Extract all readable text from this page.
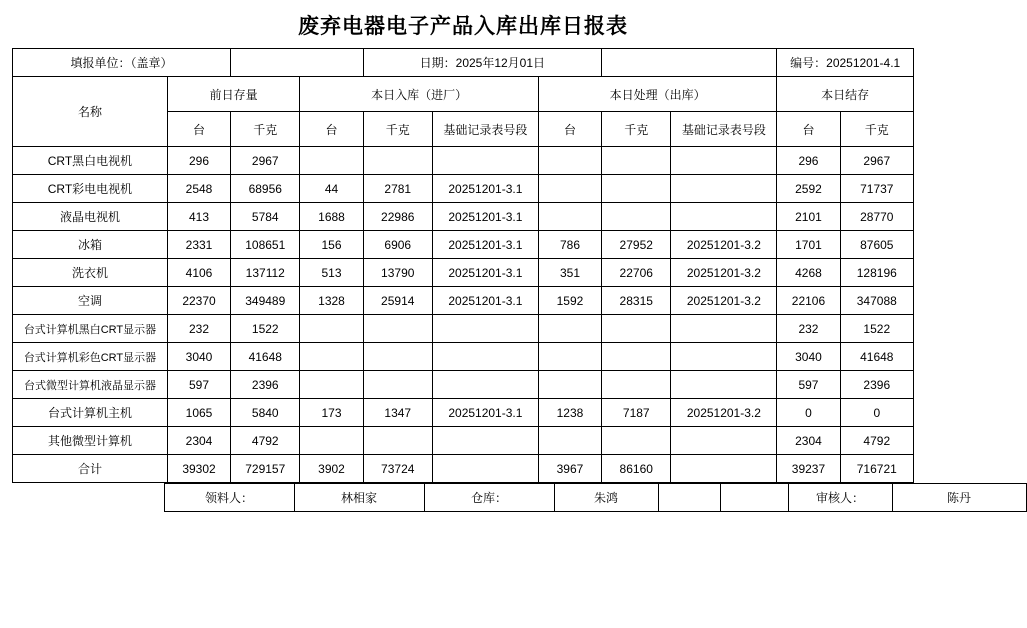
废弃电器电子产品入库出库日报表
填报单位：（盖章）				日期：2025年12月01日					编号：20251201-4.1	
名称	前日存量		本日入库（进厂）			本日处理（出库）			本日结存	
	台	千克	台	千克	基础记录表号段	台	千克	基础记录表号段	台	千克
CRT黑白电视机	296	2967							296	2967
CRT彩电电视机	2548	68956	44	2781	20251201-3.1				2592	71737
液晶电视机	413	5784	1688	22986	20251201-3.1				2101	28770
冰箱	2331	108651	156	6906	20251201-3.1	786	27952	20251201-3.2	1701	87605
洗衣机	4106	137112	513	13790	20251201-3.1	351	22706	20251201-3.2	4268	128196
空调	22370	349489	1328	25914	20251201-3.1	1592	28315	20251201-3.2	22106	347088
台式计算机黑白CRT显示器	232	1522							232	1522
台式计算机彩色CRT显示器	3040	41648							3040	41648
台式微型计算机液晶显示器	597	2396							597	2396
台式计算机主机	1065	5840	173	1347	20251201-3.1	1238	7187	20251201-3.2	0	0
其他微型计算机	2304	4792							2304	4792
合计	39302	729157	3902	73724		3967	86160		39237	716721
	领料人：	林相家	仓库：	朱鸿			审核人：	陈丹
